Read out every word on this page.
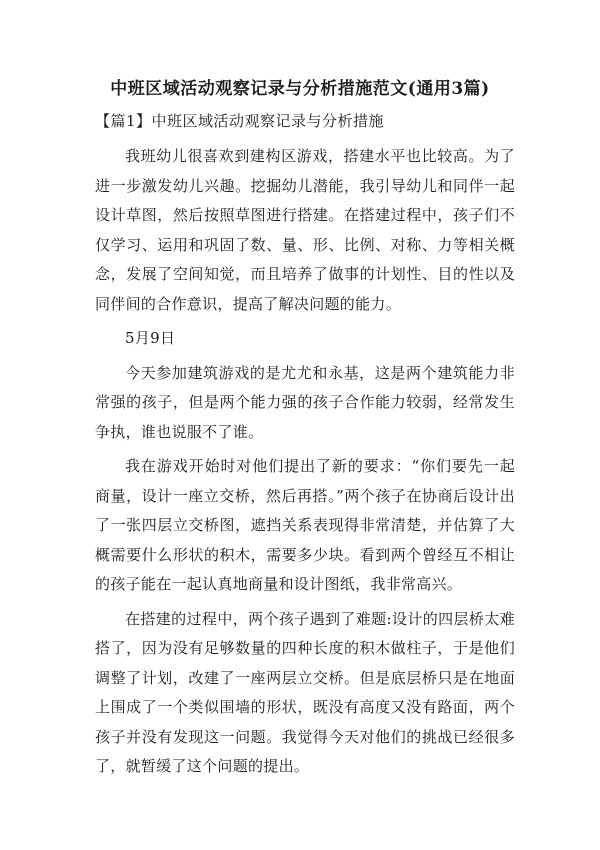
中班区域活动观察记录与分析措施范文(通用3篇)

【篇1】中班区域活动观察记录与分析措施

我班幼儿很喜欢到建构区游戏，搭建水平也比较高。为了进一步激发幼儿兴趣。挖掘幼儿潜能，我引导幼儿和同伴一起设计草图，然后按照草图进行搭建。在搭建过程中，孩子们不仅学习、运用和巩固了数、量、形、比例、对称、力等相关概念，发展了空间知觉，而且培养了做事的计划性、目的性以及同伴间的合作意识，提高了解决问题的能力。

5月9日

今天参加建筑游戏的是尤尤和永基，这是两个建筑能力非常强的孩子，但是两个能力强的孩子合作能力较弱，经常发生争执，谁也说服不了谁。

我在游戏开始时对他们提出了新的要求：“你们要先一起商量，设计一座立交桥，然后再搭。”两个孩子在协商后设计出了一张四层立交桥图，遮挡关系表现得非常清楚，并估算了大概需要什么形状的积木，需要多少块。看到两个曾经互不相让的孩子能在一起认真地商量和设计图纸，我非常高兴。

在搭建的过程中，两个孩子遇到了难题:设计的四层桥太难搭了，因为没有足够数量的四种长度的积木做柱子，于是他们调整了计划，改建了一座两层立交桥。但是底层桥只是在地面上围成了一个类似围墙的形状，既没有高度又没有路面，两个孩子并没有发现这一问题。我觉得今天对他们的挑战已经很多了，就暂缓了这个问题的提出。
